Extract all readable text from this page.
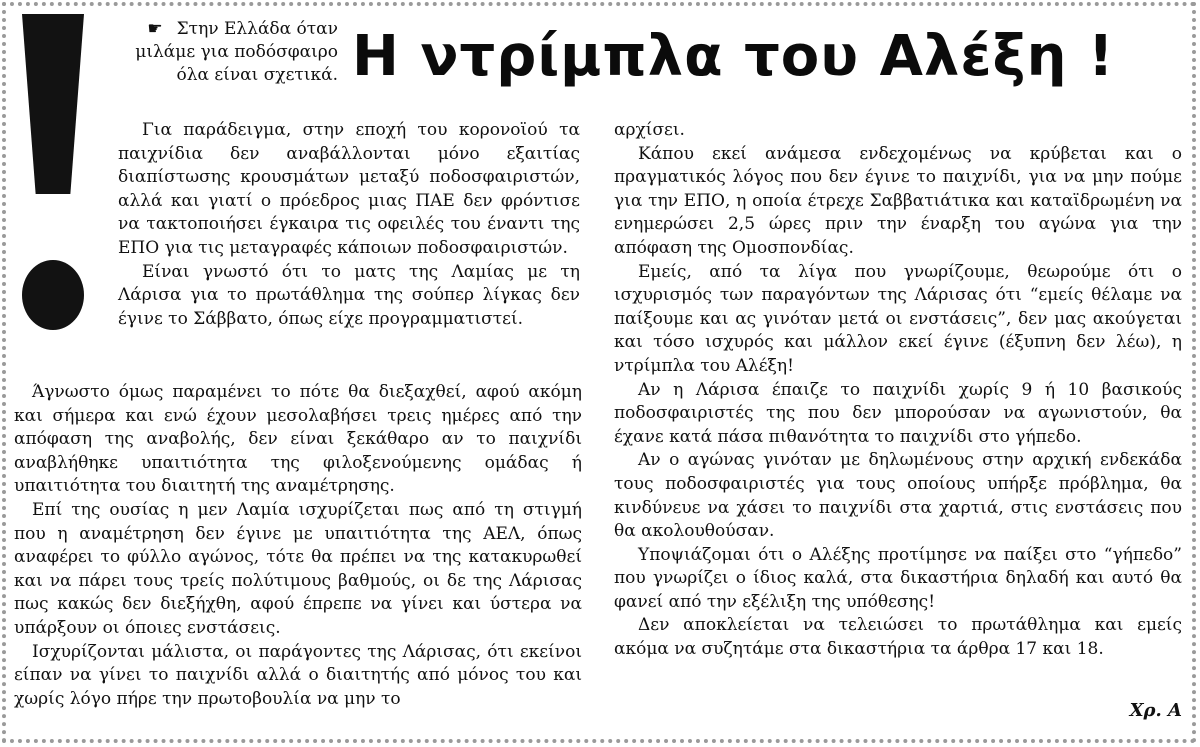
☛ Στην Ελλάδα όταν μιλάμε για ποδόσφαιρο όλα είναι σχετικά. Η ντρίμπλα του Αλέξη !

Για παράδειγμα, στην εποχή του κορονοϊού τα παιχνίδια δεν αναβάλλονται μόνο εξαιτίας διαπίστωσης κρουσμάτων μεταξύ ποδοσφαιριστών, αλλά και γιατί ο πρόεδρος μιας ΠΑΕ δεν φρόντισε να τακτοποιήσει έγκαιρα τις οφειλές του έναντι της ΕΠΟ για τις μεταγραφές κάποιων ποδοσφαιριστών.

Είναι γνωστό ότι το ματς της Λαμίας με τη Λάρισα για το πρωτάθλημα της σούπερ λίγκας δεν έγινε το Σάββατο, όπως είχε προγραμματιστεί.

Άγνωστο όμως παραμένει το πότε θα διεξαχθεί, αφού ακόμη και σήμερα και ενώ έχουν μεσολαβήσει τρεις ημέρες από την απόφαση της αναβολής, δεν είναι ξεκάθαρο αν το παιχνίδι αναβλήθηκε υπαιτιότητα της φιλοξενούμενης ομάδας ή υπαιτιότητα του διαιτητή της αναμέτρησης.

Επί της ουσίας η μεν Λαμία ισχυρίζεται πως από τη στιγμή που η αναμέτρηση δεν έγινε με υπαιτιότητα της ΑΕΛ, όπως αναφέρει το φύλλο αγώνος, τότε θα πρέπει να της κατακυρωθεί και να πάρει τους τρείς πολύτιμους βαθμούς, οι δε της Λάρισας πως κακώς δεν διεξήχθη, αφού έπρεπε να γίνει και ύστερα να υπάρξουν οι όποιες ενστάσεις.

Ισχυρίζονται μάλιστα, οι παράγοντες της Λάρισας, ότι εκείνοι είπαν να γίνει το παιχνίδι αλλά ο διαιτητής από μόνος του και χωρίς λόγο πήρε την πρωτοβουλία να μην το

αρχίσει.

Κάπου εκεί ανάμεσα ενδεχομένως να κρύβεται και ο πραγματικός λόγος που δεν έγινε το παιχνίδι, για να μην πούμε για την ΕΠΟ, η οποία έτρεχε Σαββατιάτικα και καταϊδρωμένη να ενημερώσει 2,5 ώρες πριν την έναρξη του αγώνα για την απόφαση της Ομοσπονδίας.

Εμείς, από τα λίγα που γνωρίζουμε, θεωρούμε ότι ο ισχυρισμός των παραγόντων της Λάρισας ότι “εμείς θέλαμε να παίξουμε και ας γινόταν μετά οι ενστάσεις”, δεν μας ακούγεται και τόσο ισχυρός και μάλλον εκεί έγινε (έξυπνη δεν λέω), η ντρίμπλα του Αλέξη!

Αν η Λάρισα έπαιζε το παιχνίδι χωρίς 9 ή 10 βασικούς ποδοσφαιριστές της που δεν μπορούσαν να αγωνιστούν, θα έχανε κατά πάσα πιθανότητα το παιχνίδι στο γήπεδο.

Αν ο αγώνας γινόταν με δηλωμένους στην αρχική ενδεκάδα τους ποδοσφαιριστές για τους οποίους υπήρξε πρόβλημα, θα κινδύνευε να χάσει το παιχνίδι στα χαρτιά, στις ενστάσεις που θα ακολουθούσαν.

Υποψιάζομαι ότι ο Αλέξης προτίμησε να παίξει στο “γήπεδο” που γνωρίζει ο ίδιος καλά, στα δικαστήρια δηλαδή και αυτό θα φανεί από την εξέλιξη της υπόθεσης!

Δεν αποκλείεται να τελειώσει το πρωτάθλημα και εμείς ακόμα να συζητάμε στα δικαστήρια τα άρθρα 17 και 18.

Χρ. Α
